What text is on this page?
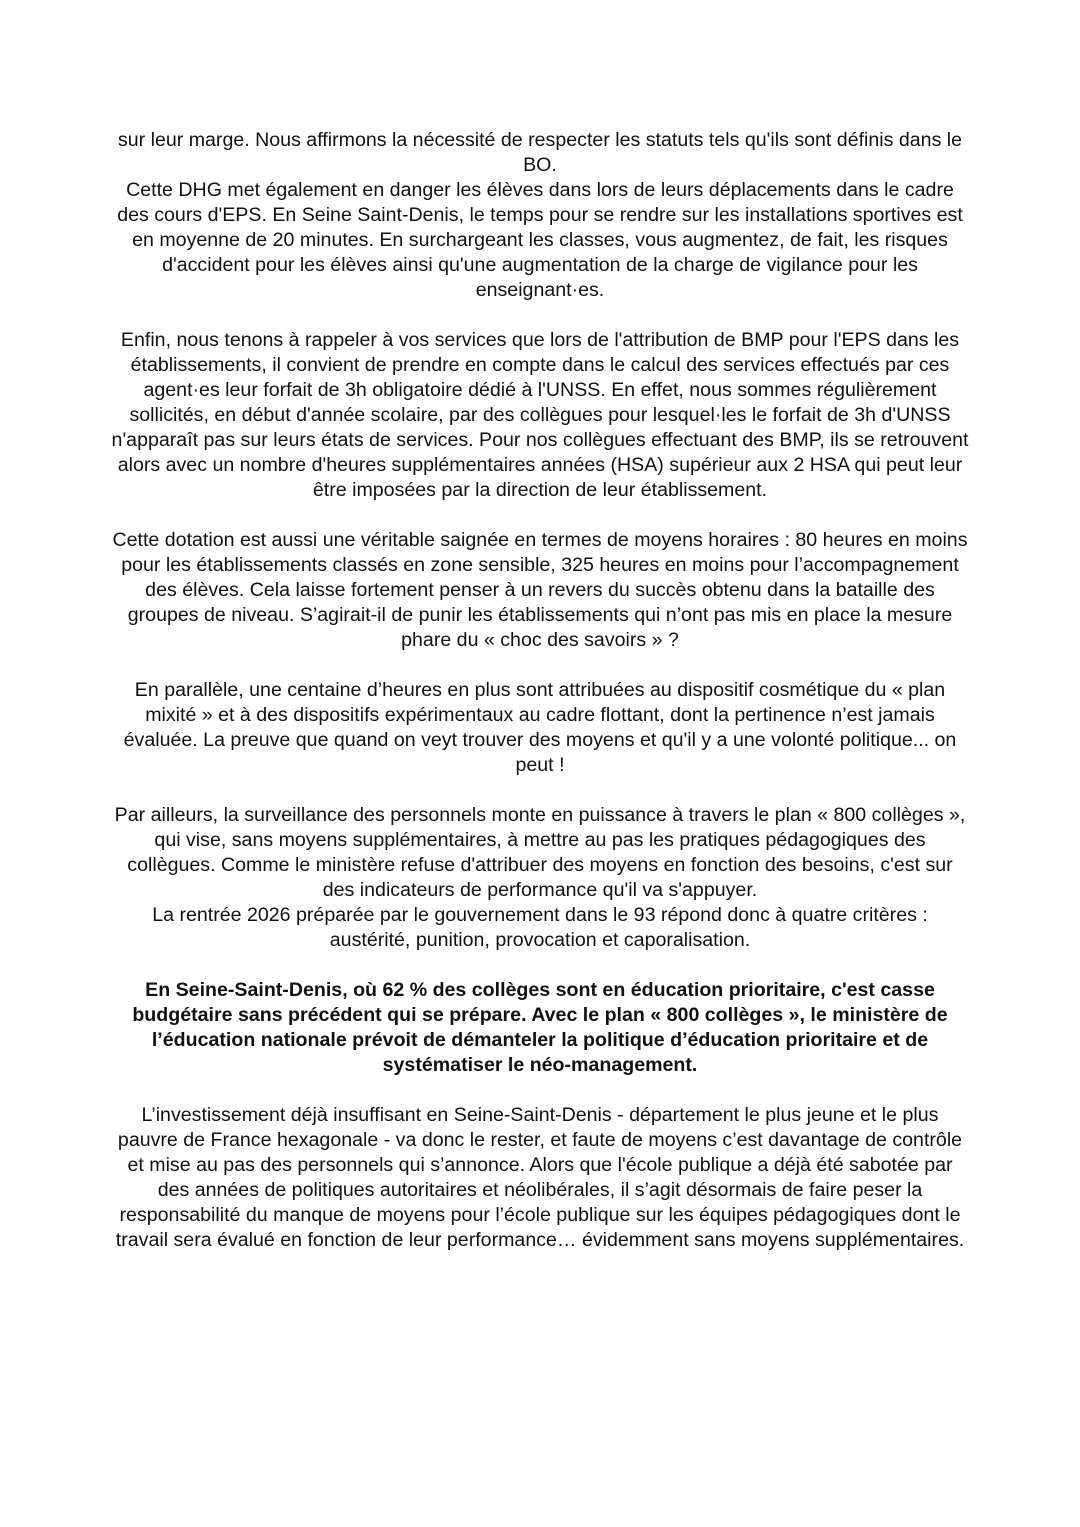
sur leur marge. Nous affirmons la nécessité de respecter les statuts tels qu'ils sont définis dans le BO.

Cette DHG met également en danger les élèves dans lors de leurs déplacements dans le cadre des cours d'EPS. En Seine Saint-Denis, le temps pour se rendre sur les installations sportives est en moyenne de 20 minutes. En surchargeant les classes, vous augmentez, de fait, les risques d'accident pour les élèves ainsi qu'une augmentation de la charge de vigilance pour les enseignant·es.

Enfin, nous tenons à rappeler à vos services que lors de l'attribution de BMP pour l'EPS dans les établissements, il convient de prendre en compte dans le calcul des services effectués par ces agent·es leur forfait de 3h obligatoire dédié à l'UNSS. En effet, nous sommes régulièrement sollicités, en début d'année scolaire, par des collègues pour lesquel·les le forfait de 3h d'UNSS n'apparaît pas sur leurs états de services. Pour nos collègues effectuant des BMP, ils se retrouvent alors avec un nombre d'heures supplémentaires années (HSA) supérieur aux 2 HSA qui peut leur être imposées par la direction de leur établissement.

Cette dotation est aussi une véritable saignée en termes de moyens horaires : 80 heures en moins pour les établissements classés en zone sensible, 325 heures en moins pour l’accompagnement des élèves. Cela laisse fortement penser à un revers du succès obtenu dans la bataille des groupes de niveau. S’agirait-il de punir les établissements qui n’ont pas mis en place la mesure phare du « choc des savoirs » ?

En parallèle, une centaine d’heures en plus sont attribuées au dispositif cosmétique du « plan mixité » et à des dispositifs expérimentaux au cadre flottant, dont la pertinence n’est jamais évaluée. La preuve que quand on veyt trouver des moyens et qu'il y a une volonté politique... on peut !

Par ailleurs, la surveillance des personnels monte en puissance à travers le plan « 800 collèges », qui vise, sans moyens supplémentaires, à mettre au pas les pratiques pédagogiques des collègues. Comme le ministère refuse d'attribuer des moyens en fonction des besoins, c'est sur des indicateurs de performance qu'il va s'appuyer.

La rentrée 2026 préparée par le gouvernement dans le 93 répond donc à quatre critères : austérité, punition, provocation et caporalisation.

En Seine-Saint-Denis, où 62 % des collèges sont en éducation prioritaire, c'est casse budgétaire sans précédent qui se prépare. Avec le plan « 800 collèges », le ministère de l’éducation nationale prévoit de démanteler la politique d’éducation prioritaire et de systématiser le néo-management.

L’investissement déjà insuffisant en Seine-Saint-Denis - département le plus jeune et le plus pauvre de France hexagonale - va donc le rester, et faute de moyens c’est davantage de contrôle et mise au pas des personnels qui s’annonce. Alors que l'école publique a déjà été sabotée par des années de politiques autoritaires et néolibérales, il s’agit désormais de faire peser la responsabilité du manque de moyens pour l’école publique sur les équipes pédagogiques dont le travail sera évalué en fonction de leur performance… évidemment sans moyens supplémentaires.
